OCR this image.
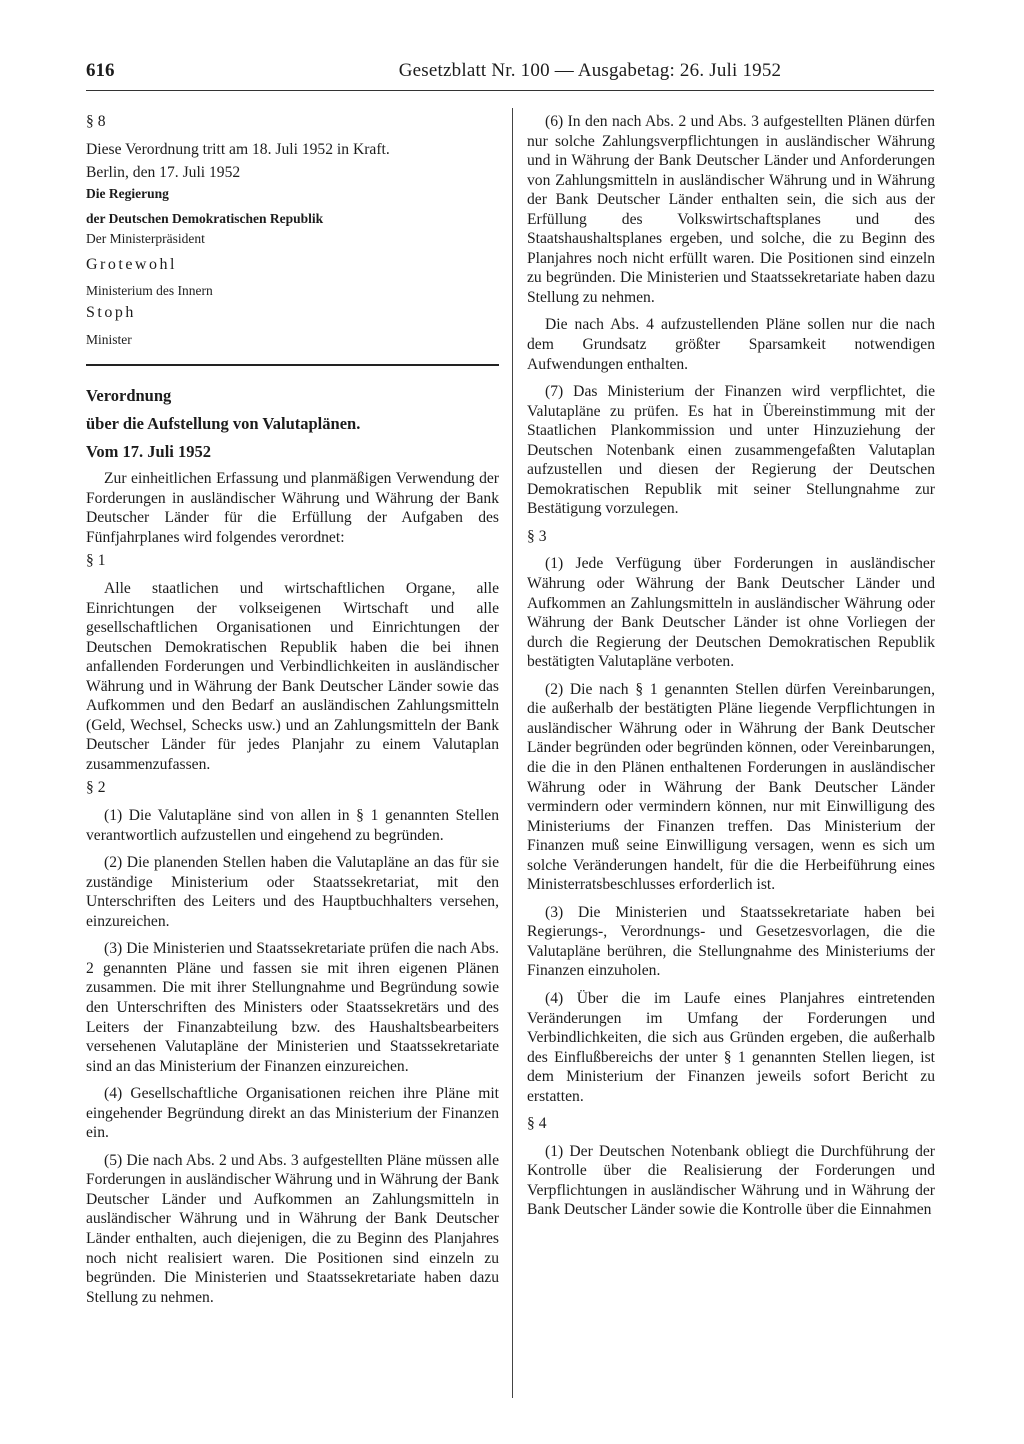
616	Gesetzblatt Nr. 100 — Ausgabetag: 26. Juli 1952

§ 8

Diese Verordnung tritt am 18. Juli 1952 in Kraft.

Berlin, den 17. Juli 1952

Die Regierung

der Deutschen Demokratischen Republik

Der Ministerpräsident

Grotewohl

Ministerium des Innern

Stoph

Minister

Verordnung

über die Aufstellung von Valutaplänen.

Vom 17. Juli 1952

Zur einheitlichen Erfassung und planmäßigen Verwendung der Forderungen in ausländischer Währung und Währung der Bank Deutscher Länder für die Erfüllung der Aufgaben des Fünfjahrplanes wird folgendes verordnet:

§ 1

Alle staatlichen und wirtschaftlichen Organe, alle Einrichtungen der volkseigenen Wirtschaft und alle gesellschaftlichen Organisationen und Einrichtungen der Deutschen Demokratischen Republik haben die bei ihnen anfallenden Forderungen und Verbindlichkeiten in ausländischer Währung und in Währung der Bank Deutscher Länder sowie das Aufkommen und den Bedarf an ausländischen Zahlungsmitteln (Geld, Wechsel, Schecks usw.) und an Zahlungsmitteln der Bank Deutscher Länder für jedes Planjahr zu einem Valutaplan zusammenzufassen.

§ 2

(1) Die Valutapläne sind von allen in § 1 genannten Stellen verantwortlich aufzustellen und eingehend zu begründen.

(2) Die planenden Stellen haben die Valutapläne an das für sie zuständige Ministerium oder Staatssekretariat, mit den Unterschriften des Leiters und des Hauptbuchhalters versehen, einzureichen.

(3) Die Ministerien und Staatssekretariate prüfen die nach Abs. 2 genannten Pläne und fassen sie mit ihren eigenen Plänen zusammen. Die mit ihrer Stellungnahme und Begründung sowie den Unterschriften des Ministers oder Staatssekretärs und des Leiters der Finanzabteilung bzw. des Haushaltsbearbeiters versehenen Valutapläne der Ministerien und Staatssekretariate sind an das Ministerium der Finanzen einzureichen.

(4) Gesellschaftliche Organisationen reichen ihre Pläne mit eingehender Begründung direkt an das Ministerium der Finanzen ein.

(5) Die nach Abs. 2 und Abs. 3 aufgestellten Pläne müssen alle Forderungen in ausländischer Währung und in Währung der Bank Deutscher Länder und Aufkommen an Zahlungsmitteln in ausländischer Währung und in Währung der Bank Deutscher Länder enthalten, auch diejenigen, die zu Beginn des Planjahres noch nicht realisiert waren. Die Positionen sind einzeln zu begründen. Die Ministerien und Staatssekretariate haben dazu Stellung zu nehmen.

(6) In den nach Abs. 2 und Abs. 3 aufgestellten Plänen dürfen nur solche Zahlungsverpflichtungen in ausländischer Währung und in Währung der Bank Deutscher Länder und Anforderungen von Zahlungsmitteln in ausländischer Währung und in Währung der Bank Deutscher Länder enthalten sein, die sich aus der Erfüllung des Volkswirtschaftsplanes und des Staatshaushaltsplanes ergeben, und solche, die zu Beginn des Planjahres noch nicht erfüllt waren. Die Positionen sind einzeln zu begründen. Die Ministerien und Staatssekretariate haben dazu Stellung zu nehmen.

Die nach Abs. 4 aufzustellenden Pläne sollen nur die nach dem Grundsatz größter Sparsamkeit notwendigen Aufwendungen enthalten.

(7) Das Ministerium der Finanzen wird verpflichtet, die Valutapläne zu prüfen. Es hat in Übereinstimmung mit der Staatlichen Plankommission und unter Hinzuziehung der Deutschen Notenbank einen zusammengefaßten Valutaplan aufzustellen und diesen der Regierung der Deutschen Demokratischen Republik mit seiner Stellungnahme zur Bestätigung vorzulegen.

§ 3

(1) Jede Verfügung über Forderungen in ausländischer Währung oder Währung der Bank Deutscher Länder und Aufkommen an Zahlungsmitteln in ausländischer Währung oder Währung der Bank Deutscher Länder ist ohne Vorliegen der durch die Regierung der Deutschen Demokratischen Republik bestätigten Valutapläne verboten.

(2) Die nach § 1 genannten Stellen dürfen Vereinbarungen, die außerhalb der bestätigten Pläne liegende Verpflichtungen in ausländischer Währung oder in Währung der Bank Deutscher Länder begründen oder begründen können, oder Vereinbarungen, die die in den Plänen enthaltenen Forderungen in ausländischer Währung oder in Währung der Bank Deutscher Länder vermindern oder vermindern können, nur mit Einwilligung des Ministeriums der Finanzen treffen. Das Ministerium der Finanzen muß seine Einwilligung versagen, wenn es sich um solche Veränderungen handelt, für die die Herbeiführung eines Ministerratsbeschlusses erforderlich ist.

(3) Die Ministerien und Staatssekretariate haben bei Regierungs-, Verordnungs- und Gesetzesvorlagen, die die Valutapläne berühren, die Stellungnahme des Ministeriums der Finanzen einzuholen.

(4) Über die im Laufe eines Planjahres eintretenden Veränderungen im Umfang der Forderungen und Verbindlichkeiten, die sich aus Gründen ergeben, die außerhalb des Einflußbereichs der unter § 1 genannten Stellen liegen, ist dem Ministerium der Finanzen jeweils sofort Bericht zu erstatten.

§ 4

(1) Der Deutschen Notenbank obliegt die Durchführung der Kontrolle über die Realisierung der Forderungen und Verpflichtungen in ausländischer Währung und in Währung der Bank Deutscher Länder sowie die Kontrolle über die Einnahmen
